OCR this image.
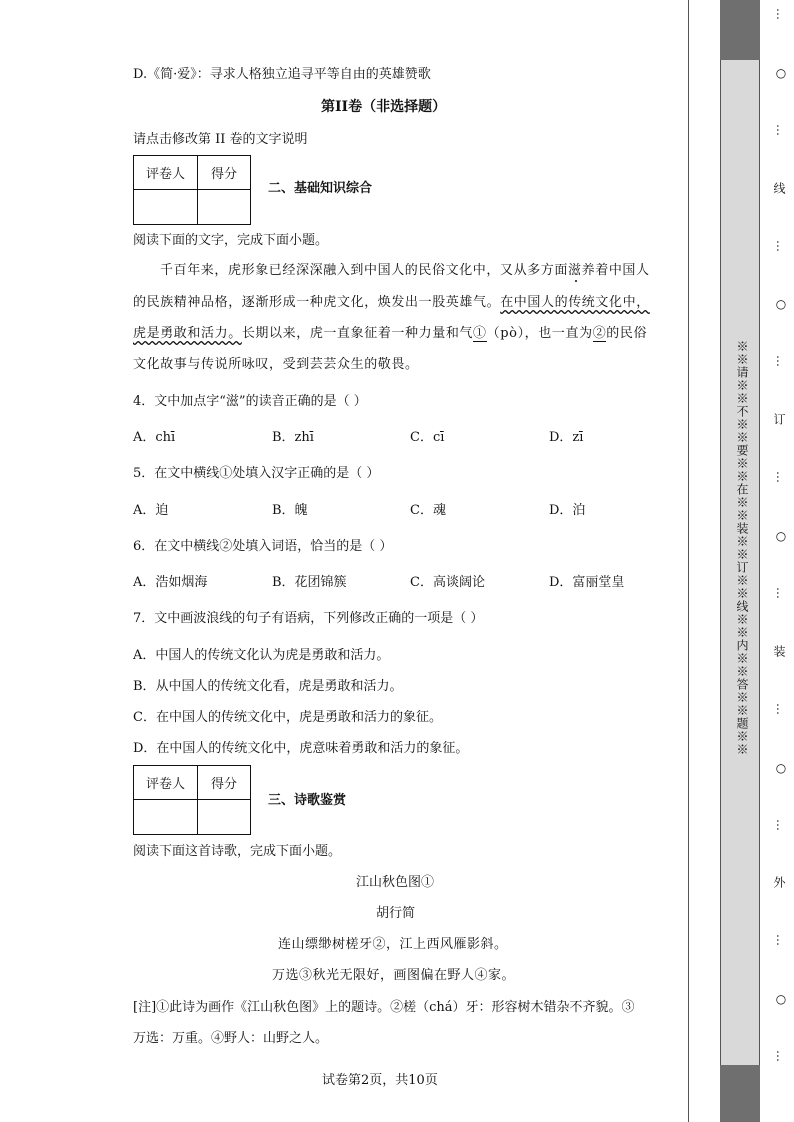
D.《简·爱》：寻求人格独立追寻平等自由的英雄赞歌
第II卷（非选择题）
请点击修改第 II 卷的文字说明
评卷人	得分

二、基础知识综合
阅读下面的文字，完成下面小题。
千百年来，虎形象已经深深融入到中国人的民俗文化中，又从多方面滋养着中国人
的民族精神品格，逐渐形成一种虎文化，焕发出一股英雄气。在中国人的传统文化中，
虎是勇敢和活力。长期以来，虎一直象征着一种力量和气①（pò），也一直为②的民俗
文化故事与传说所咏叹，受到芸芸众生的敬畏。
4．文中加点字“滋”的读音正确的是（ ）
A．chī	B．zhī	C．cī	D．zī
5．在文中横线①处填入汉字正确的是（ ）
A．迫	B．魄	C．魂	D．泊
6．在文中横线②处填入词语，恰当的是（ ）
A．浩如烟海	B．花团锦簇	C．高谈阔论	D．富丽堂皇
7．文中画波浪线的句子有语病，下列修改正确的一项是（ ）
A．中国人的传统文化认为虎是勇敢和活力。
B．从中国人的传统文化看，虎是勇敢和活力。
C．在中国人的传统文化中，虎是勇敢和活力的象征。
D．在中国人的传统文化中，虎意味着勇敢和活力的象征。
评卷人	得分

三、诗歌鉴赏
阅读下面这首诗歌，完成下面小题。
江山秋色图①
胡行简
连山缥缈树槎牙②，江上西风雁影斜。
万选③秋光无限好，画图偏在野人④家。
[注]①此诗为画作《江山秋色图》上的题诗。②槎（chá）牙：形容树木错杂不齐貌。③
万选：万重。④野人：山野之人。
试卷第2页，共10页
※※请※※不※※要※※在※※装※※订※※线※※内※※答※※题※※
…
○
…
线
…
○
…
订
…
○
…
装
…
○
…
外
…
○
…
